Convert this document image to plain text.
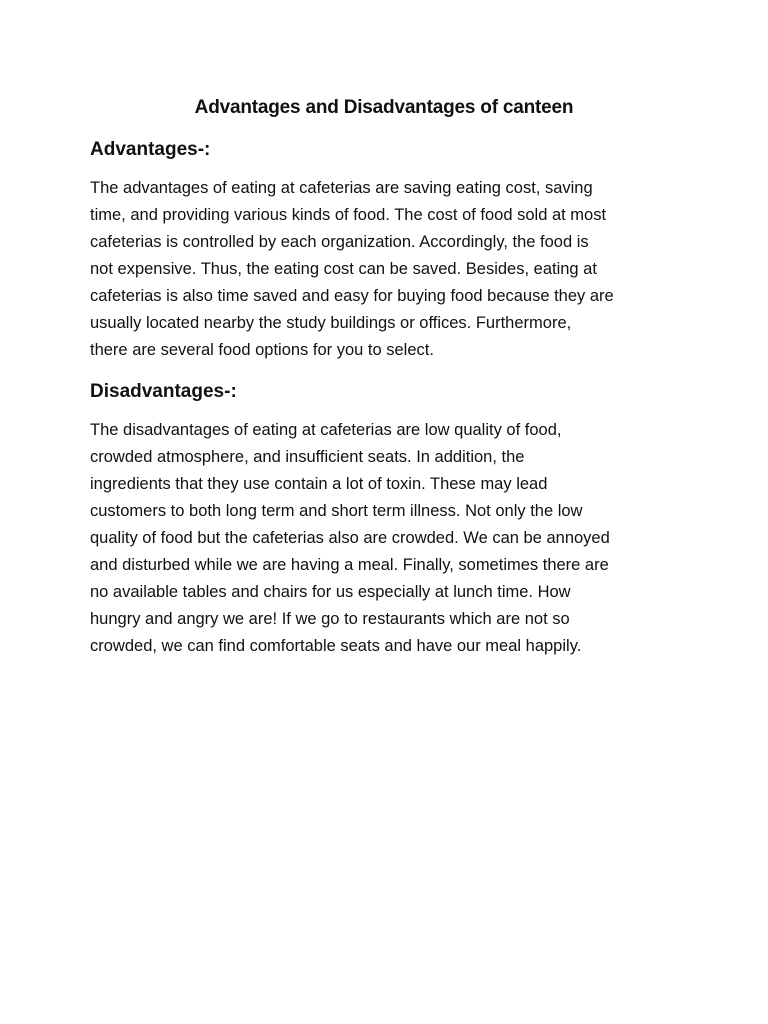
Advantages and Disadvantages of canteen
Advantages-:

The advantages of eating at cafeterias are saving eating cost, saving
time, and providing various kinds of food. The cost of food sold at most
cafeterias is controlled by each organization. Accordingly, the food is
not expensive. Thus, the eating cost can be saved. Besides, eating at
cafeterias is also time saved and easy for buying food because they are
usually located nearby the study buildings or offices. Furthermore,
there are several food options for you to select.

Disadvantages-:

The disadvantages of eating at cafeterias are low quality of food,
crowded atmosphere, and insufficient seats. In addition, the
ingredients that they use contain a lot of toxin. These may lead
customers to both long term and short term illness. Not only the low
quality of food but the cafeterias also are crowded. We can be annoyed
and disturbed while we are having a meal. Finally, sometimes there are
no available tables and chairs for us especially at lunch time. How
hungry and angry we are! If we go to restaurants which are not so
crowded, we can find comfortable seats and have our meal happily.
